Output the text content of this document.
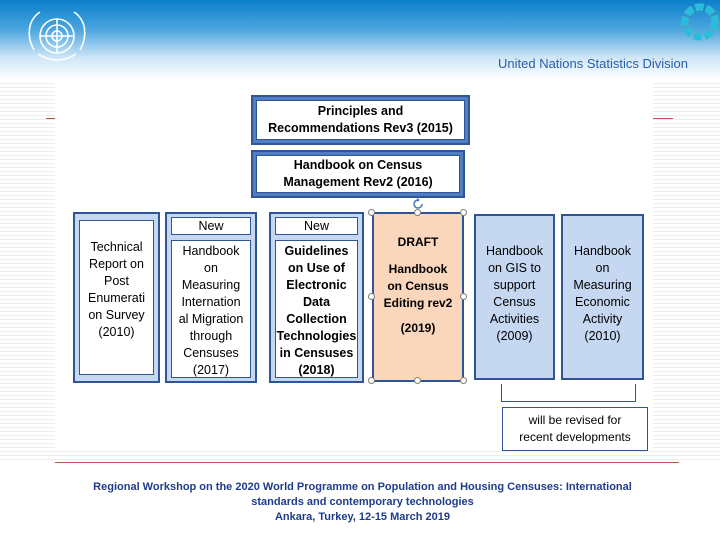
United Nations Statistics Division
Principles and
Recommendations Rev3 (2015)
Handbook on Census
Management Rev2 (2016)
Technical
Report on
Post
Enumerati
on Survey
(2010)
New
Handbook
on
Measuring
Internation
al Migration
through
Censuses
(2017)
New
Guidelines
on Use of
Electronic
Data
Collection
Technologies
in Censuses
(2018)
DRAFT
Handbook
on Census
Editing rev2
(2019)
Handbook
on GIS to
support
Census
Activities
(2009)
Handbook
on
Measuring
Economic
Activity
(2010)
will be revised for
recent developments
Regional Workshop on the 2020 World Programme on Population and Housing Censuses: International
standards and contemporary technologies
Ankara, Turkey, 12-15 March 2019
